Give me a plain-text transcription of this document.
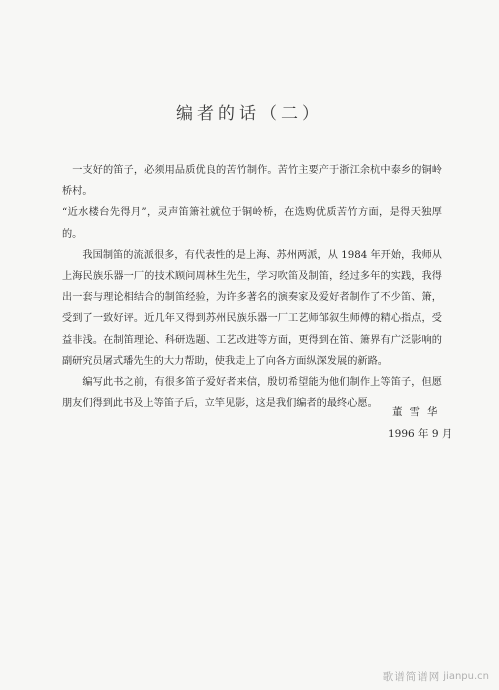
编者的话（二）

一支好的笛子，必须用品质优良的苦竹制作。苦竹主要产于浙江余杭中泰乡的铜岭桥村。

“近水楼台先得月”，灵声笛箫社就位于铜岭桥，在选购优质苦竹方面，是得天独厚的。

我国制笛的流派很多，有代表性的是上海、苏州两派，从 1984 年开始，我师从上海民族乐器一厂的技术顾问周林生先生，学习吹笛及制笛，经过多年的实践，我得出一套与理论相结合的制笛经验，为许多著名的演奏家及爱好者制作了不少笛、箫，受到了一致好评。近几年又得到苏州民族乐器一厂工艺师邹叙生师傅的精心指点，受益非浅。在制笛理论、科研选题、工艺改进等方面，更得到在笛、箫界有广泛影响的副研究员屠式璠先生的大力帮助，使我走上了向各方面纵深发展的新路。

编写此书之前，有很多笛子爱好者来信，殷切希望能为他们制作上等笛子，但愿朋友们得到此书及上等笛子后，立竿见影，这是我们编者的最终心愿。

董雪华
1996 年 9 月
歌谱简谱网 jianpu.cn
